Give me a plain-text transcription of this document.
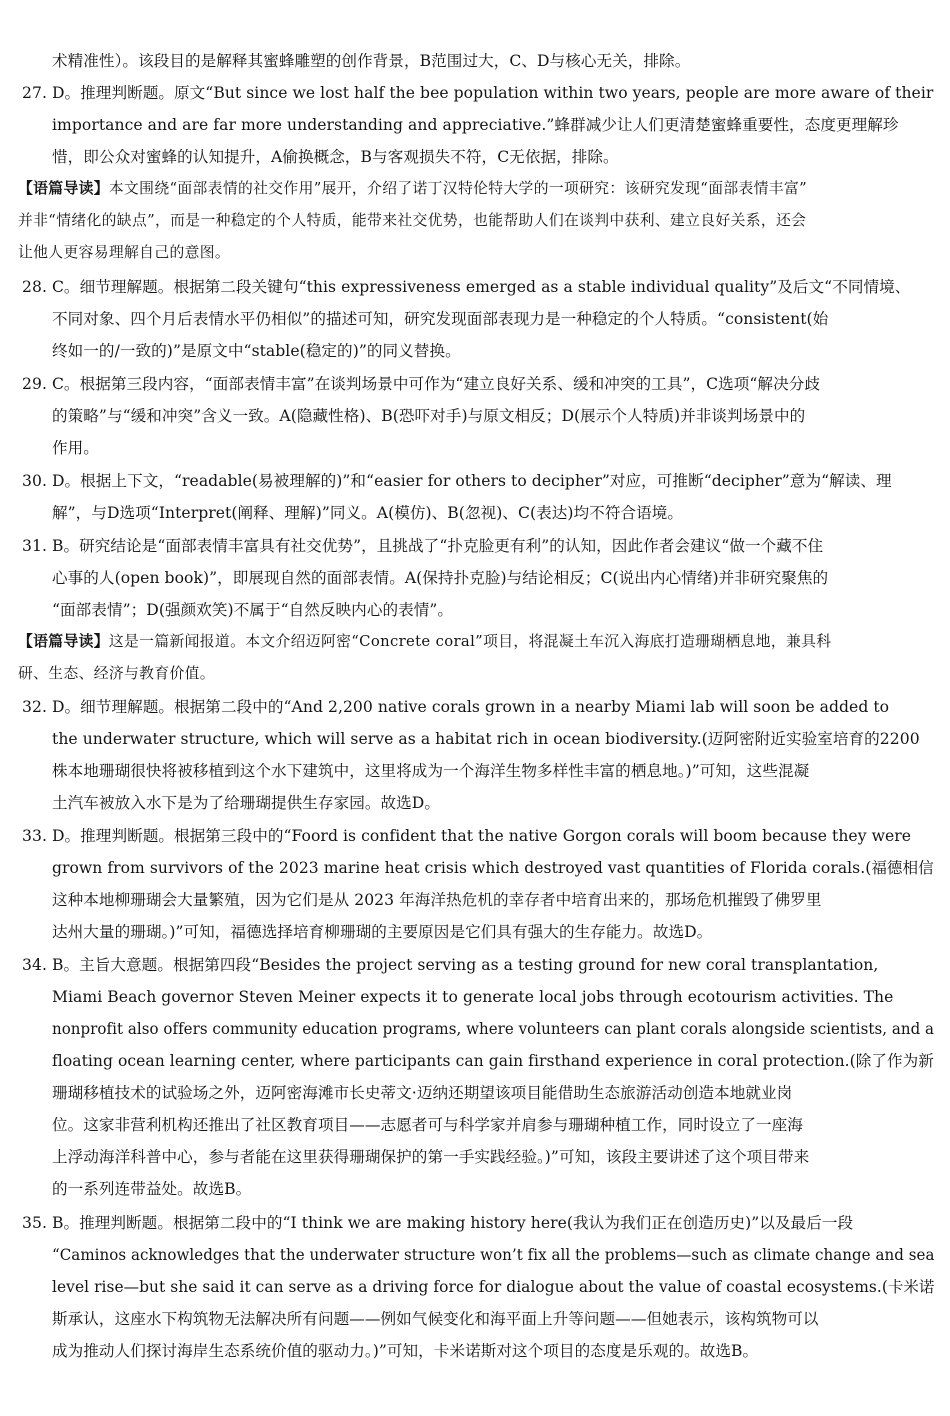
术精准性）。该段目的是解释其蜜蜂雕塑的创作背景，B范围过大，C、D与核心无关，排除。
27. D。推理判断题。原文“But since we lost half the bee population within two years, people are more aware of their
importance and are far more understanding and appreciative.”蜂群减少让人们更清楚蜜蜂重要性，态度更理解珍
惜，即公众对蜜蜂的认知提升，A偷换概念，B与客观损失不符，C无依据，排除。
【语篇导读】本文围绕“面部表情的社交作用”展开，介绍了诺丁汉特伦特大学的一项研究：该研究发现“面部表情丰富”
并非“情绪化的缺点”，而是一种稳定的个人特质，能带来社交优势，也能帮助人们在谈判中获利、建立良好关系，还会
让他人更容易理解自己的意图。
28. C。细节理解题。根据第二段关键句“this expressiveness emerged as a stable individual quality”及后文“不同情境、
不同对象、四个月后表情水平仍相似”的描述可知，研究发现面部表现力是一种稳定的个人特质。“consistent(始
终如一的/一致的)”是原文中“stable(稳定的)”的同义替换。
29. C。根据第三段内容，“面部表情丰富”在谈判场景中可作为“建立良好关系、缓和冲突的工具”，C选项“解决分歧
的策略”与“缓和冲突”含义一致。A(隐藏性格)、B(恐吓对手)与原文相反；D(展示个人特质)并非谈判场景中的
作用。
30. D。根据上下文，“readable(易被理解的)”和“easier for others to decipher”对应，可推断“decipher”意为“解读、理
解”，与D选项“Interpret(阐释、理解)”同义。A(模仿)、B(忽视)、C(表达)均不符合语境。
31. B。研究结论是“面部表情丰富具有社交优势”，且挑战了“扑克脸更有利”的认知，因此作者会建议“做一个藏不住
心事的人(open book)”，即展现自然的面部表情。A(保持扑克脸)与结论相反；C(说出内心情绪)并非研究聚焦的
“面部表情”；D(强颜欢笑)不属于“自然反映内心的表情”。
【语篇导读】这是一篇新闻报道。本文介绍迈阿密“Concrete coral”项目，将混凝土车沉入海底打造珊瑚栖息地，兼具科
研、生态、经济与教育价值。
32. D。细节理解题。根据第二段中的“And 2,200 native corals grown in a nearby Miami lab will soon be added to
the underwater structure, which will serve as a habitat rich in ocean biodiversity.(迈阿密附近实验室培育的2200
株本地珊瑚很快将被移植到这个水下建筑中，这里将成为一个海洋生物多样性丰富的栖息地。)”可知，这些混凝
土汽车被放入水下是为了给珊瑚提供生存家园。故选D。
33. D。推理判断题。根据第三段中的“Foord is confident that the native Gorgon corals will boom because they were
grown from survivors of the 2023 marine heat crisis which destroyed vast quantities of Florida corals.(福德相信
这种本地柳珊瑚会大量繁殖，因为它们是从 2023 年海洋热危机的幸存者中培育出来的，那场危机摧毁了佛罗里
达州大量的珊瑚。)”可知，福德选择培育柳珊瑚的主要原因是它们具有强大的生存能力。故选D。
34. B。主旨大意题。根据第四段“Besides the project serving as a testing ground for new coral transplantation,
Miami Beach governor Steven Meiner expects it to generate local jobs through ecotourism activities. The
nonprofit also offers community education programs, where volunteers can plant corals alongside scientists, and a
floating ocean learning center, where participants can gain firsthand experience in coral protection.(除了作为新
珊瑚移植技术的试验场之外，迈阿密海滩市长史蒂文·迈纳还期望该项目能借助生态旅游活动创造本地就业岗
位。这家非营利机构还推出了社区教育项目——志愿者可与科学家并肩参与珊瑚种植工作，同时设立了一座海
上浮动海洋科普中心，参与者能在这里获得珊瑚保护的第一手实践经验。)”可知，该段主要讲述了这个项目带来
的一系列连带益处。故选B。
35. B。推理判断题。根据第二段中的“I think we are making history here(我认为我们正在创造历史)”以及最后一段
“Caminos acknowledges that the underwater structure won’t fix all the problems—such as climate change and sea
level rise—but she said it can serve as a driving force for dialogue about the value of coastal ecosystems.(卡米诺
斯承认，这座水下构筑物无法解决所有问题——例如气候变化和海平面上升等问题——但她表示，该构筑物可以
成为推动人们探讨海岸生态系统价值的驱动力。)”可知，卡米诺斯对这个项目的态度是乐观的。故选B。
